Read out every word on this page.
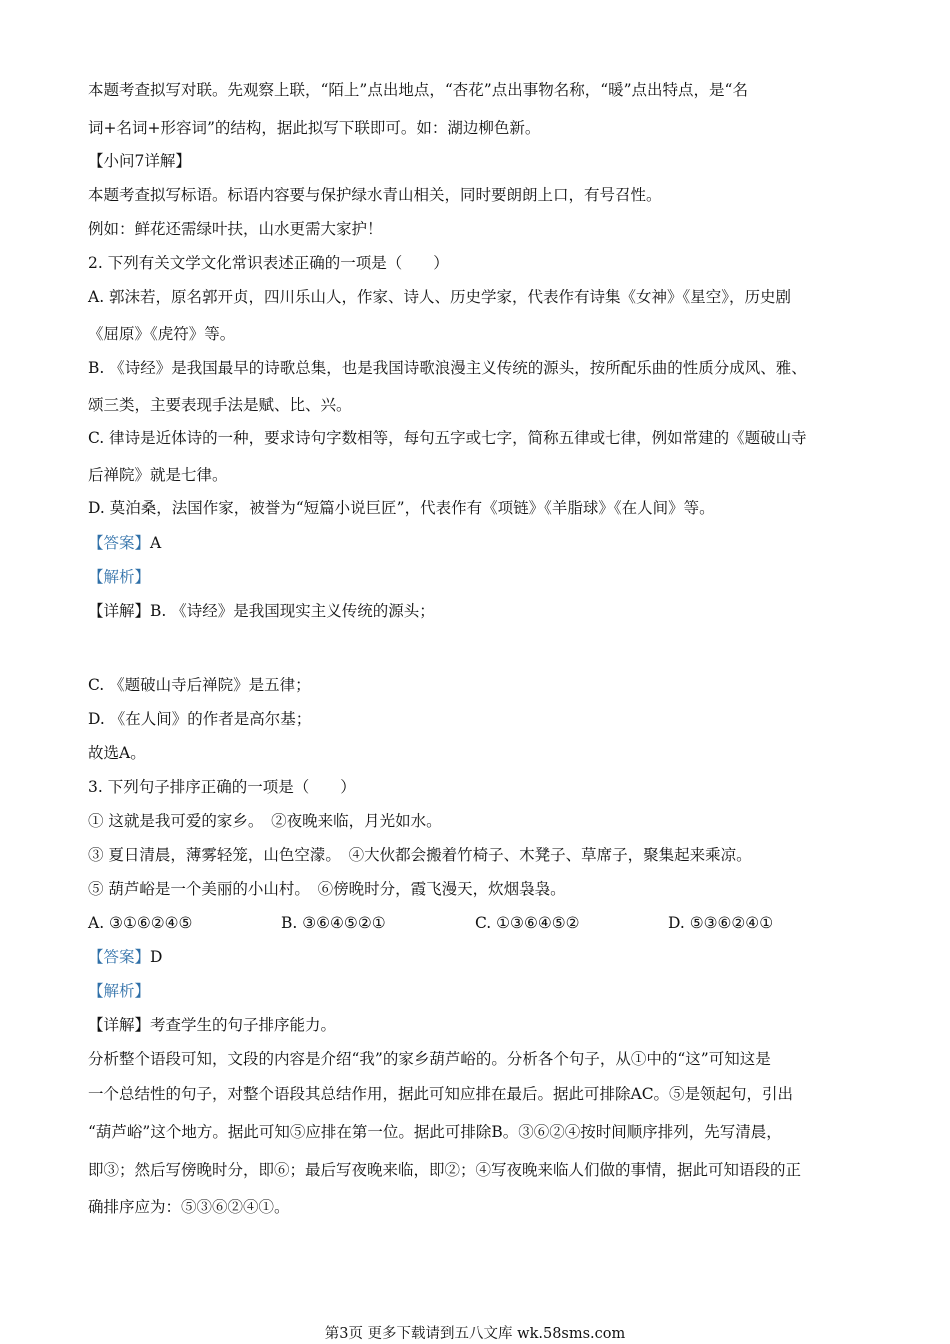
本题考查拟写对联。先观察上联，“陌上”点出地点，“杏花”点出事物名称，“暖”点出特点，是“名
词+名词+形容词”的结构，据此拟写下联即可。如：湖边柳色新。
【小问7详解】
本题考查拟写标语。标语内容要与保护绿水青山相关，同时要朗朗上口，有号召性。
例如：鲜花还需绿叶扶，山水更需大家护！
2. 下列有关文学文化常识表述正确的一项是（　　）
A. 郭沫若，原名郭开贞，四川乐山人，作家、诗人、历史学家，代表作有诗集《女神》《星空》，历史剧
《屈原》《虎符》等。
B. 《诗经》是我国最早的诗歌总集，也是我国诗歌浪漫主义传统的源头，按所配乐曲的性质分成风、雅、
颂三类，主要表现手法是赋、比、兴。
C. 律诗是近体诗的一种，要求诗句字数相等，每句五字或七字，简称五律或七律，例如常建的《题破山寺
后禅院》就是七律。
D. 莫泊桑，法国作家，被誉为“短篇小说巨匠”，代表作有《项链》《羊脂球》《在人间》等。
【答案】A
【解析】
【详解】B. 《诗经》是我国现实主义传统的源头；
C. 《题破山寺后禅院》是五律；
D. 《在人间》的作者是高尔基；
故选A。
3. 下列句子排序正确的一项是（　　）
① 这就是我可爱的家乡。　②夜晚来临，月光如水。
③ 夏日清晨，薄雾轻笼，山色空濛。　④大伙都会搬着竹椅子、木凳子、草席子，聚集起来乘凉。
⑤ 葫芦峪是一个美丽的小山村。　⑥傍晚时分，霞飞漫天，炊烟袅袅。
A. ③①⑥②④⑤	B. ③⑥④⑤②①	C. ①③⑥④⑤②	D. ⑤③⑥②④①
【答案】D
【解析】
【详解】考查学生的句子排序能力。
分析整个语段可知，文段的内容是介绍“我”的家乡葫芦峪的。分析各个句子，从①中的“这”可知这是
一个总结性的句子，对整个语段其总结作用，据此可知应排在最后。据此可排除AC。⑤是领起句，引出
“葫芦峪”这个地方。据此可知⑤应排在第一位。据此可排除B。③⑥②④按时间顺序排列，先写清晨，
即③；然后写傍晚时分，即⑥；最后写夜晚来临，即②；④写夜晚来临人们做的事情，据此可知语段的正
确排序应为：⑤③⑥②④①。
第3页 更多下载请到五八文库 wk.58sms.com
